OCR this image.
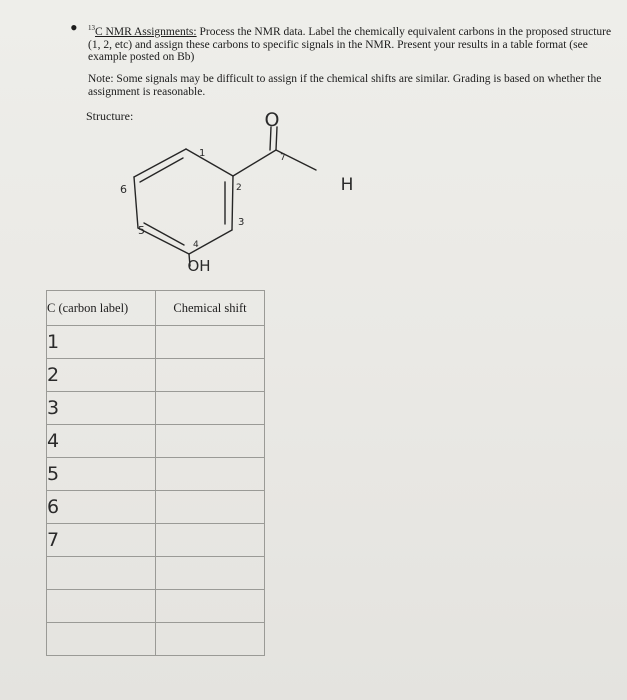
• $^{13}$C NMR Assignments: Process the NMR data. Label the chemically equivalent carbons in the proposed structure (1, 2, etc) and assign these carbons to specific signals in the NMR. Present your results in a table format (see example posted on Bb)
Note: Some signals may be difficult to assign if the chemical shifts are similar. Grading is based on whether the assignment is reasonable.
Structure:	O
H
OH
1
2
3
4
5
6
7
C (carbon label)	Chemical shift
1	
2	
3	
4	
5	
6	
7	
